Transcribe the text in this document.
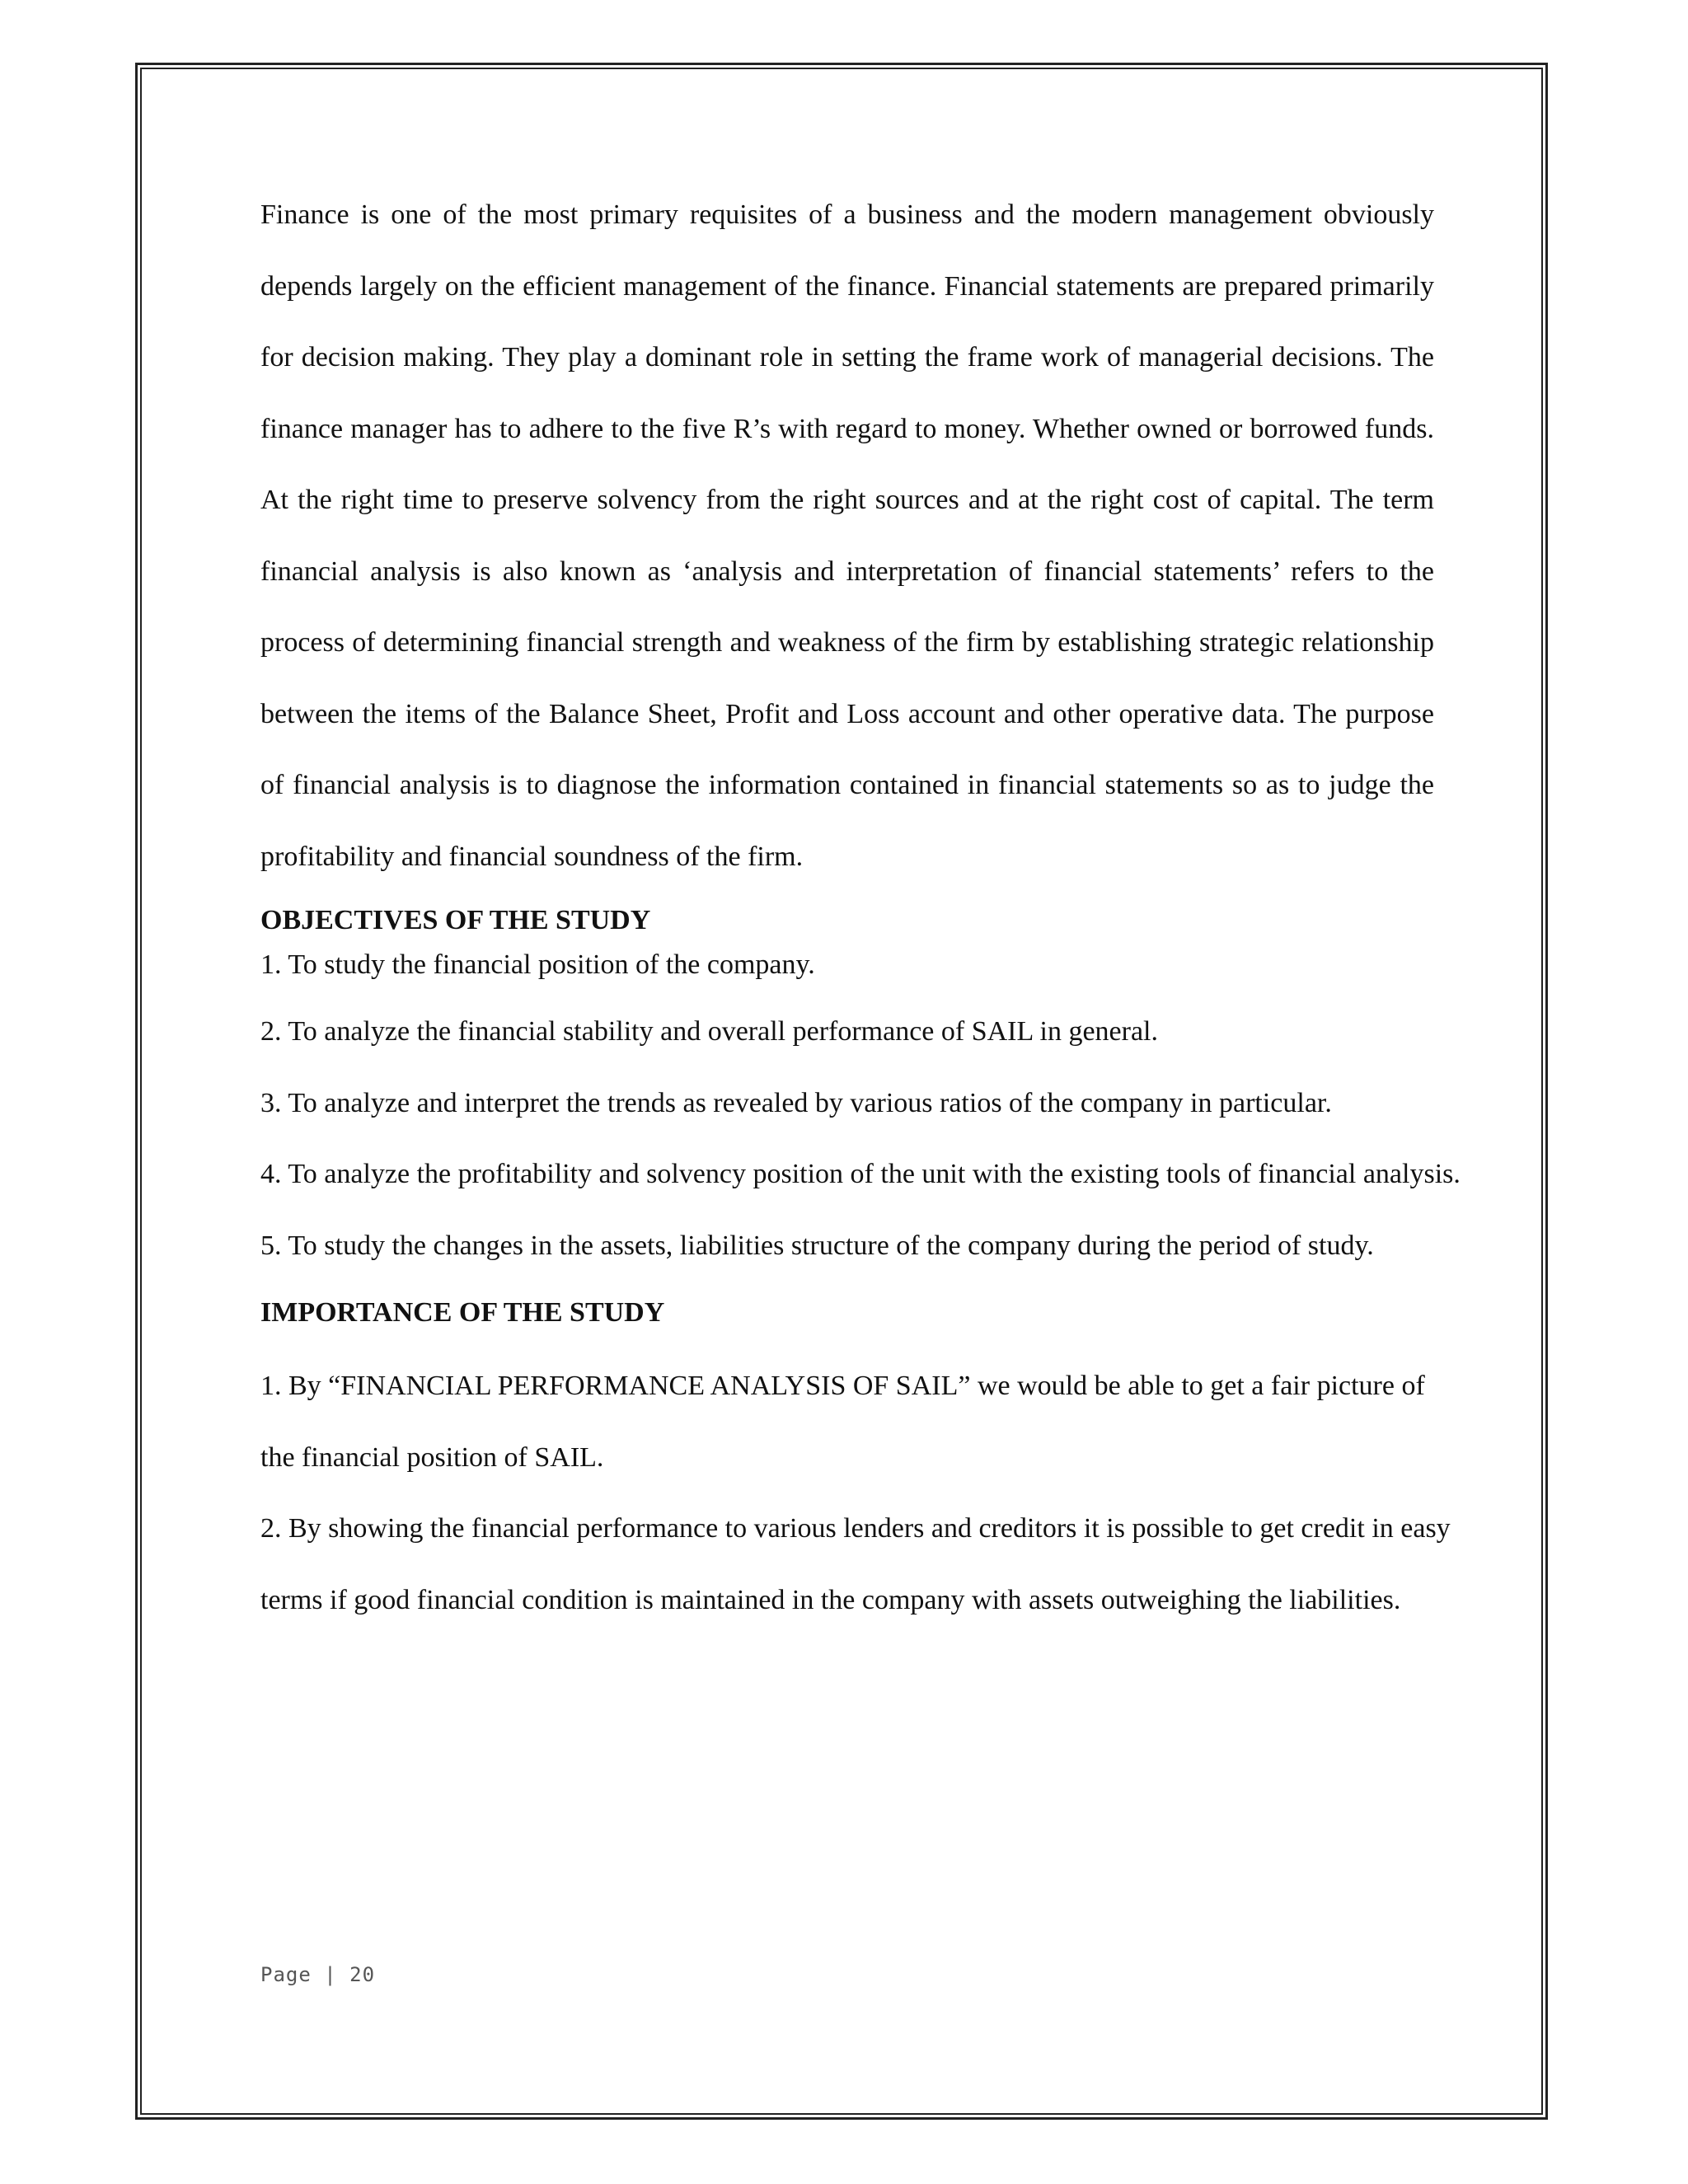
Finance is one of the most primary requisites of a business and the modern management obviously depends largely on the efficient management of the finance. Financial statements are prepared primarily for decision making. They play a dominant role in setting the frame work of managerial decisions. The finance manager has to adhere to the five R’s with regard to money. Whether owned or borrowed funds. At the right time to preserve solvency from the right sources and at the right cost of capital. The term financial analysis is also known as ‘analysis and interpretation of financial statements’ refers to the process of determining financial strength and weakness of the firm by establishing strategic relationship between the items of the Balance Sheet, Profit and Loss account and other operative data. The purpose of financial analysis is to diagnose the information contained in financial statements so as to judge the profitability and financial soundness of the firm.

OBJECTIVES OF THE STUDY

1. To study the financial position of the company.

2. To analyze the financial stability and overall performance of SAIL in general.

3. To analyze and interpret the trends as revealed by various ratios of the company in particular.

4. To analyze the profitability and solvency position of the unit with the existing tools of financial analysis.

5. To study the changes in the assets, liabilities structure of the company during the period of study.

IMPORTANCE OF THE STUDY

1. By “FINANCIAL PERFORMANCE ANALYSIS OF SAIL” we would be able to get a fair picture of the financial position of SAIL.

2. By showing the financial performance to various lenders and creditors it is possible to get credit in easy terms if good financial condition is maintained in the company with assets outweighing the liabilities.

Page | 20
